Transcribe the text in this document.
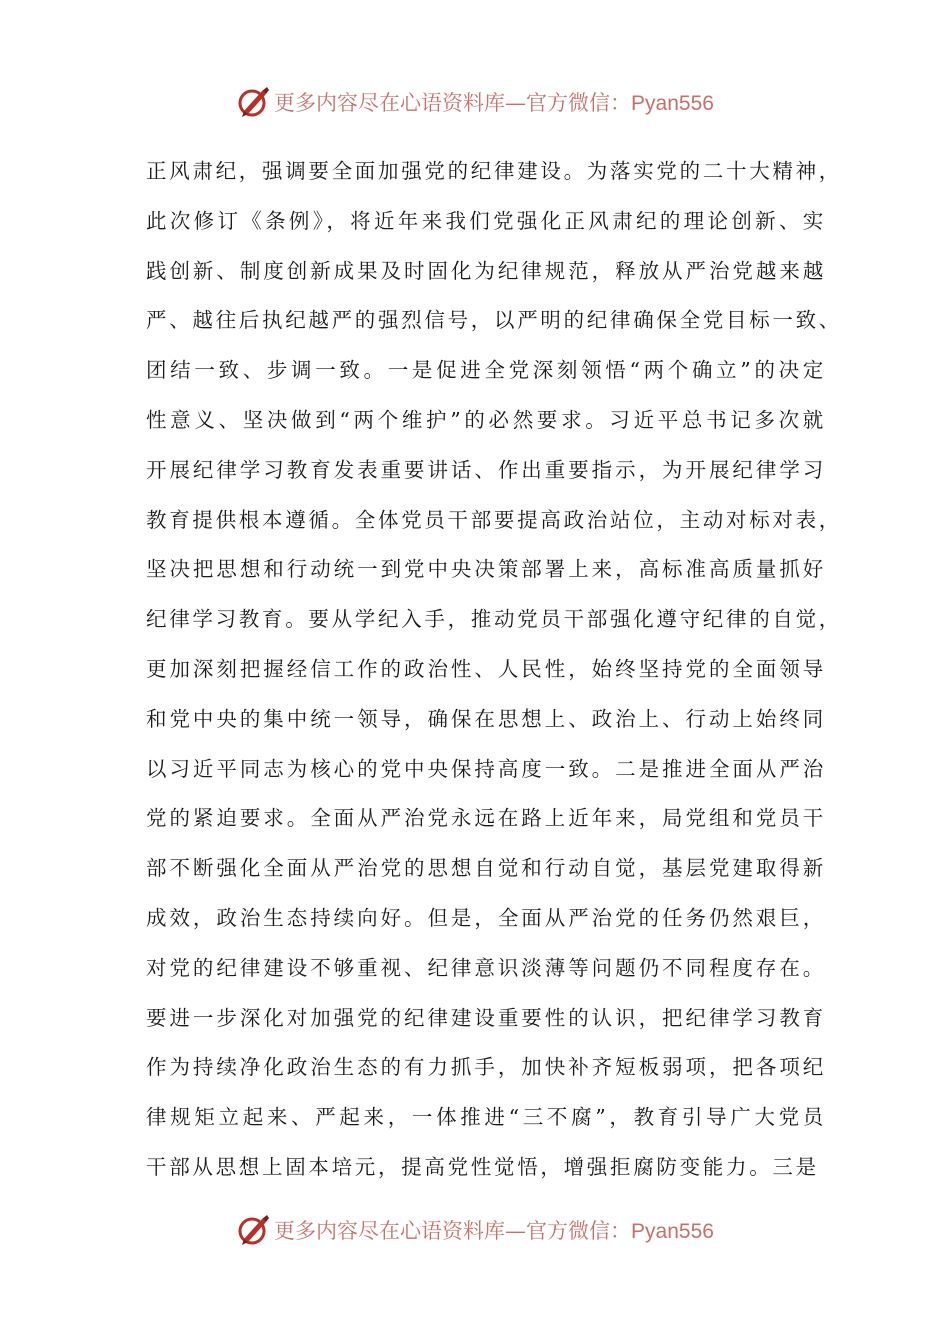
更多内容尽在心语资料库—官方微信：Pyan556
正风肃纪，强调要全面加强党的纪律建设。为落实党的二十大精神，
此次修订《条例》，将近年来我们党强化正风肃纪的理论创新、实
践创新、制度创新成果及时固化为纪律规范，释放从严治党越来越
严、越往后执纪越严的强烈信号，以严明的纪律确保全党目标一致、
团结一致、步调一致。一是促进全党深刻领悟“两个确立”的决定
性意义、坚决做到“两个维护”的必然要求。习近平总书记多次就
开展纪律学习教育发表重要讲话、作出重要指示，为开展纪律学习
教育提供根本遵循。全体党员干部要提高政治站位，主动对标对表，
坚决把思想和行动统一到党中央决策部署上来，高标准高质量抓好
纪律学习教育。要从学纪入手，推动党员干部强化遵守纪律的自觉，
更加深刻把握经信工作的政治性、人民性，始终坚持党的全面领导
和党中央的集中统一领导，确保在思想上、政治上、行动上始终同
以习近平同志为核心的党中央保持高度一致。二是推进全面从严治
党的紧迫要求。全面从严治党永远在路上近年来，局党组和党员干
部不断强化全面从严治党的思想自觉和行动自觉，基层党建取得新
成效，政治生态持续向好。但是，全面从严治党的任务仍然艰巨，
对党的纪律建设不够重视、纪律意识淡薄等问题仍不同程度存在。
要进一步深化对加强党的纪律建设重要性的认识，把纪律学习教育
作为持续净化政治生态的有力抓手，加快补齐短板弱项，把各项纪
律规矩立起来、严起来，一体推进“三不腐”，教育引导广大党员
干部从思想上固本培元，提高党性觉悟，增强拒腐防变能力。三是
更多内容尽在心语资料库—官方微信：Pyan556
